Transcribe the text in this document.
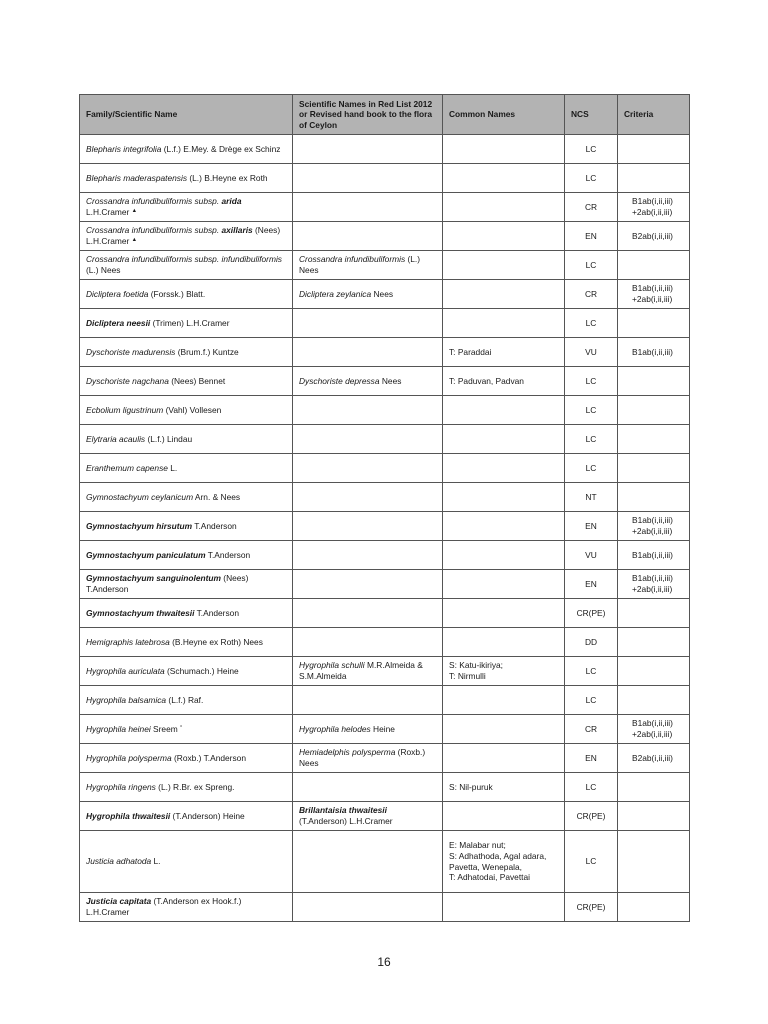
Family/Scientific Name	Scientific Names in Red List 2012 or Revised hand book to the flora of Ceylon	Common Names	NCS	Criteria
Blepharis integrifolia (L.f.) E.Mey. & Drège ex Schinz			LC	
Blepharis maderaspatensis (L.) B.Heyne ex Roth			LC	
Crossandra infundibuliformis subsp. arida L.H.Cramer ▲			CR	B1ab(i,ii,iii)
+2ab(i,ii,iii)

Crossandra infundibuliformis subsp. axillaris (Nees) L.H.Cramer ▲			EN	B2ab(i,ii,iii)

Crossandra infundibuliformis subsp. infundibuliformis (L.) Nees	Crossandra infundibuliformis (L.) Nees		LC	
Dicliptera foetida (Forssk.) Blatt.	Dicliptera zeylanica Nees		CR	B1ab(i,ii,iii)
+2ab(i,ii,iii)

Dicliptera neesii (Trimen) L.H.Cramer			LC	
Dyschoriste madurensis (Brum.f.) Kuntze		T: Paraddai	VU	B1ab(i,ii,iii)

Dyschoriste nagchana (Nees) Bennet	Dyschoriste depressa Nees	T: Paduvan, Padvan	LC	
Ecbolium ligustrinum (Vahl) Vollesen			LC	
Elytraria acaulis (L.f.) Lindau			LC	
Eranthemum capense L.			LC	
Gymnostachyum ceylanicum Arn. & Nees			NT	
Gymnostachyum hirsutum T.Anderson			EN	B1ab(i,ii,iii)
+2ab(i,ii,iii)

Gymnostachyum paniculatum T.Anderson			VU	B1ab(i,ii,iii)

Gymnostachyum sanguinolentum (Nees) T.Anderson			EN	B1ab(i,ii,iii)
+2ab(i,ii,iii)

Gymnostachyum thwaitesii T.Anderson			CR(PE)	
Hemigraphis latebrosa (B.Heyne ex Roth) Nees			DD	
Hygrophila auriculata (Schumach.) Heine	Hygrophila schulli M.R.Almeida & S.M.Almeida	S: Katu-ikiriya;
T: Nirmulli	LC	
Hygrophila balsamica (L.f.) Raf.			LC	
Hygrophila heinei Sreem °	Hygrophila helodes Heine		CR	B1ab(i,ii,iii)
+2ab(i,ii,iii)

Hygrophila polysperma (Roxb.) T.Anderson	Hemiadelphis polysperma (Roxb.) Nees		EN	B2ab(i,ii,iii)

Hygrophila ringens (L.) R.Br. ex Spreng.		S: Nil-puruk	LC	
Hygrophila thwaitesii (T.Anderson) Heine	Brillantaisia thwaitesii (T.Anderson) L.H.Cramer		CR(PE)	
Justicia adhatoda L.		E: Malabar nut;
S: Adhathoda, Agal adara, Pavetta, Wenepala,
T: Adhatodai, Pavettai	LC	
Justicia capitata (T.Anderson ex Hook.f.) L.H.Cramer			CR(PE)	
16
